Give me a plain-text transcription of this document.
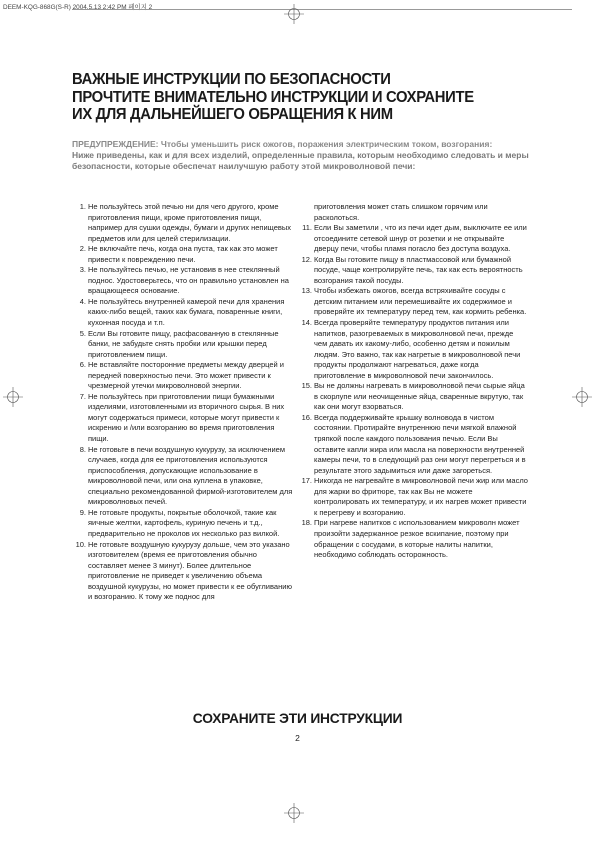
DEEM-KQG-868G(S-R) 2004.5.13 2:42 PM 페이지 2
ВАЖНЫЕ ИНСТРУКЦИИ ПО БЕЗОПАСНОСТИ
ПРОЧТИТЕ ВНИМАТЕЛЬНО ИНСТРУКЦИИ И СОХРАНИТЕ
ИХ ДЛЯ ДАЛЬНЕЙШЕГО ОБРАЩЕНИЯ К НИМ

ПРЕДУПРЕЖДЕНИЕ: Чтобы уменьшить риск ожогов, поражения электрическим током, возгорания:

Ниже приведены, как и для всех изделий, определенные правила, которым необходимо следовать и меры безопасности, которые обеспечат наилучшую работу этой микроволновой печи:

1. Не пользуйтесь этой печью ни для чего другого, кроме приготовления пищи, кроме приготовления пищи, например для сушки одежды, бумаги и других непищевых предметов или для целей стерилизации.
2. Не включайте печь, когда она пуста, так как это может привести к повреждению печи.
3. Не пользуйтесь печью, не установив в нее стеклянный поднос. Удостоверьтесь, что он правильно установлен на вращающееся основание.
4. Не пользуйтесь внутренней камерой печи для хранения каких-либо вещей, таких как бумага, поваренные книги, кухонная посуда и т.п.
5. Если Вы готовите пищу, расфасованную в стеклянные банки, не забудьте снять пробки или крышки перед приготовлением пищи.
6. Не вставляйте посторонние предметы между дверцей и передней поверхностью печи. Это может привести к чрезмерной утечки микроволновой энергии.
7. Не пользуйтесь при приготовлении пищи бумажными изделиями, изготовленными из вторичного сырья. В них могут содержаться примеси, которые могут привести к искрению и /или возгоранию во время приготовления пищи.
8. Не готовьте в печи воздушную кукурузу, за исключением случаев, когда для ее приготовления используются приспособления, допускающие использование в микроволновой печи, или она куплена в упаковке, специально рекомендованной фирмой-изготовителем для микроволновых печей.
9. Не готовьте продукты, покрытые оболочкой, такие как яичные желтки, картофель, куриную печень и т.д., предварительно не проколов их несколько раз вилкой.
10. Не готовьте воздушную кукурузу дольше, чем это указано изготовителем (время ее приготовления обычно составляет менее 3 минут). Более длительное приготовление не приведет к увеличению объема воздушной кукурузы, но может привести к ее обугливанию и возгоранию. К тому же поднос для
приготовления может стать слишком горячим или расколоться.
11. Если Вы заметили , что из печи идет дым, выключите ее или отсоедините сетевой шнур от розетки и не открывайте дверцу печи, чтобы пламя погасло без доступа воздуха.
12. Когда Вы готовите пищу в пластмассовой или бумажной посуде, чаще контролируйте печь, так как есть вероятность возгорания такой посуды.
13. Чтобы избежать ожогов, всегда встряхивайте сосуды с детским питанием или перемешивайте их содержимое и проверяйте их температуру перед тем, как кормить ребенка.
14. Всегда проверяйте температуру продуктов питания или напитков, разогреваемых в микроволновой печи, прежде чем давать их какому-либо, особенно детям и пожилым людям. Это важно, так как нагретые в микроволновой печи продукты продолжают нагреваться, даже когда приготовление в микроволновой печи закончилось.
15. Вы не должны нагревать в микроволновой печи сырые яйца в скорлупе или неочищенные яйца, сваренные вкрутую, так как они могут взорваться.
16. Всегда поддерживайте крышку волновода в чистом состоянии. Протирайте внутреннюю печи мягкой влажной тряпкой после каждого пользования печью. Если Вы оставите капли жира или масла на поверхности внутренней камеры печи, то в следующий раз они могут перегреться и в результате этого задымиться или даже загореться.
17. Никогда не нагревайте в микроволновой печи жир или масло для жарки во фритюре, так как Вы не можете контролировать их температуру, и их нагрев может привести к перегреву и возгоранию.
18. При нагреве напитков с использованием микроволн может произойти задержанное резкое вскипание, поэтому при обращении с сосудами, в которые налиты напитки, необходимо соблюдать осторожность.
СОХРАНИТЕ ЭТИ ИНСТРУКЦИИ
2
